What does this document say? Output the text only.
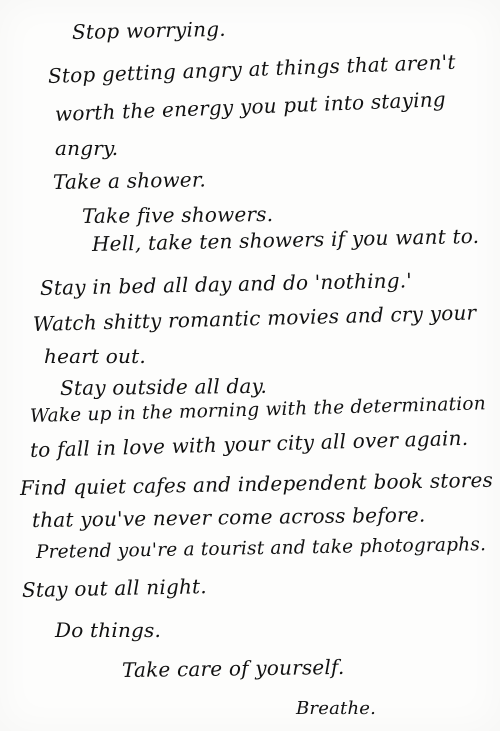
Stop worrying.
Stop getting angry at things that aren't
worth the energy you put into staying
angry.
Take a shower.
Take five showers.
Hell, take ten showers if you want to.
Stay in bed all day and do 'nothing.'
Watch shitty romantic movies and cry your
heart out.
Stay outside all day.
Wake up in the morning with the determination
to fall in love with your city all over again.
Find quiet cafes and independent book stores
that you've never come across before.
Pretend you're a tourist and take photographs.
Stay out all night.
Do things.
Take care of yourself.
Breathe.
